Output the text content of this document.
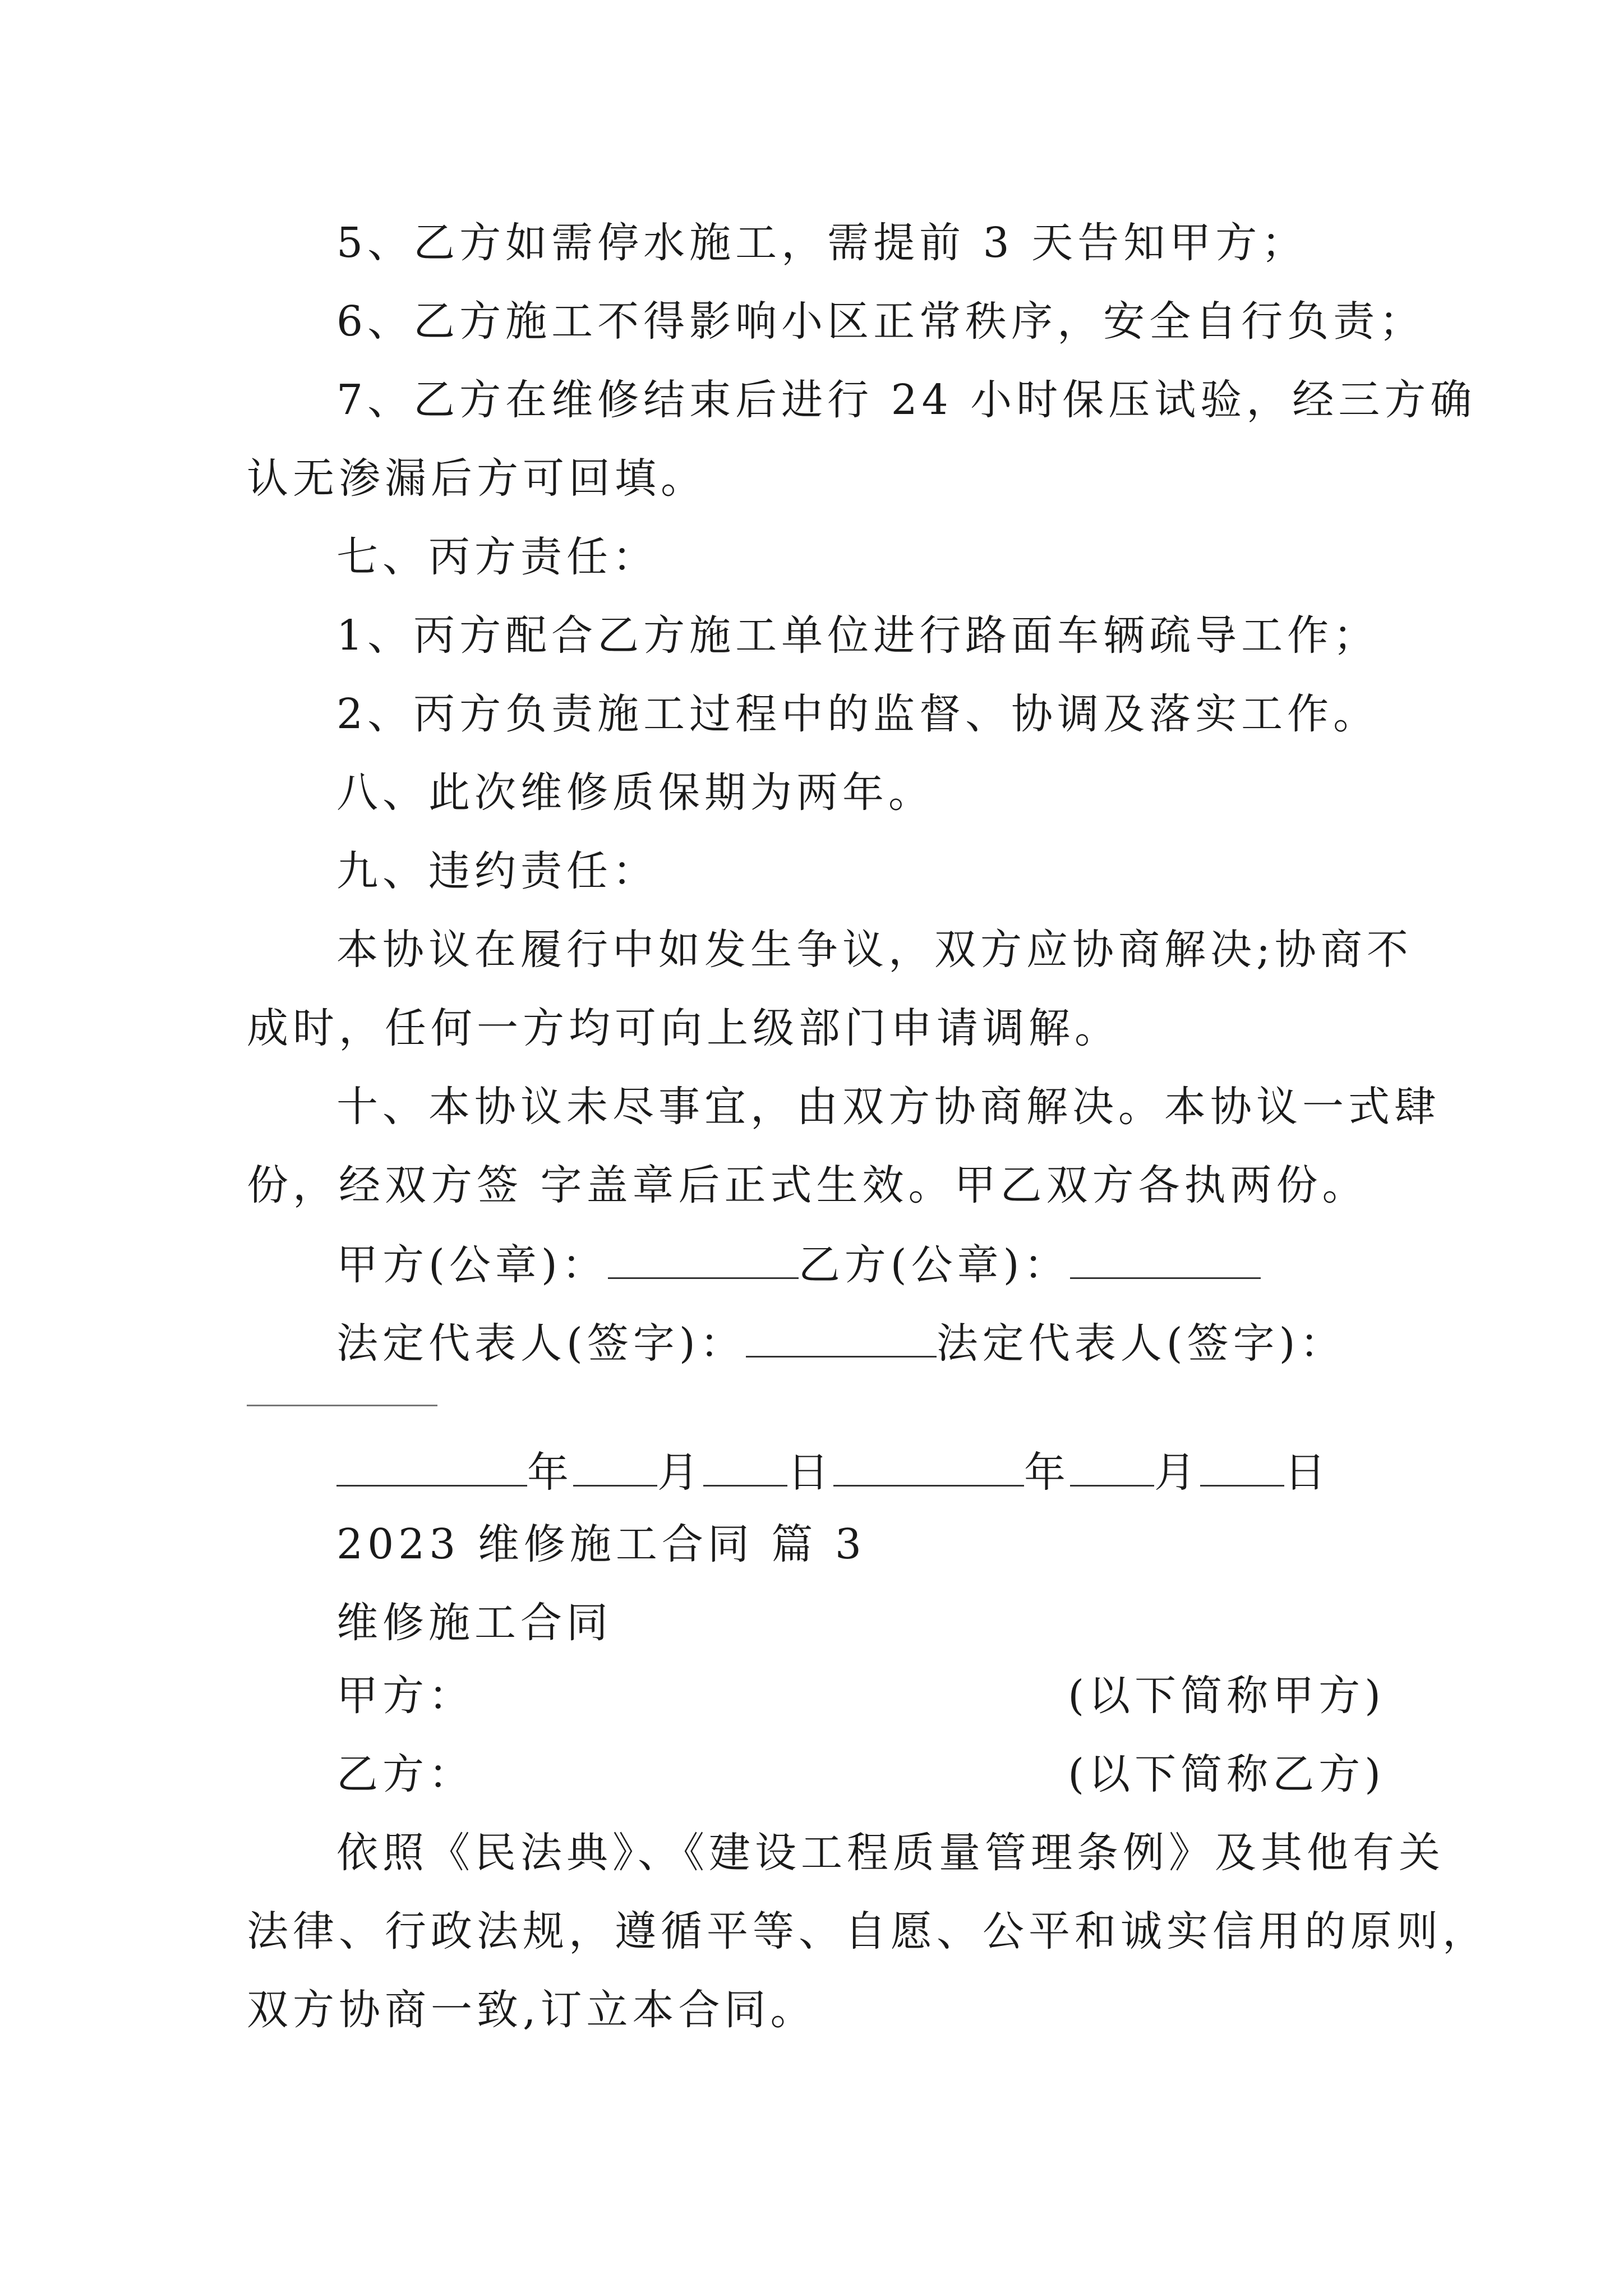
5、乙方如需停水施工，需提前 3 天告知甲方；
6、乙方施工不得影响小区正常秩序，安全自行负责；
7、乙方在维修结束后进行 24 小时保压试验，经三方确
认无渗漏后方可回填。
七、丙方责任：
1、丙方配合乙方施工单位进行路面车辆疏导工作；
2、丙方负责施工过程中的监督、协调及落实工作。
八、此次维修质保期为两年。
九、违约责任：
本协议在履行中如发生争议，双方应协商解决;协商不
成时，任何一方均可向上级部门申请调解。
十、本协议未尽事宜，由双方协商解决。本协议一式肆
份，经双方签 字盖章后正式生效。甲乙双方各执两份。
甲方(公章)：	乙方(公章)：
法定代表人(签字)：	法定代表人(签字)：
年 月 日	年 月 日
2023 维修施工合同 篇 3
维修施工合同
甲方：	(以下简称甲方)
乙方：	(以下简称乙方)
依照《民法典》、《建设工程质量管理条例》及其他有关
法律、行政法规，遵循平等、自愿、公平和诚实信用的原则，
双方协商一致,订立本合同。
